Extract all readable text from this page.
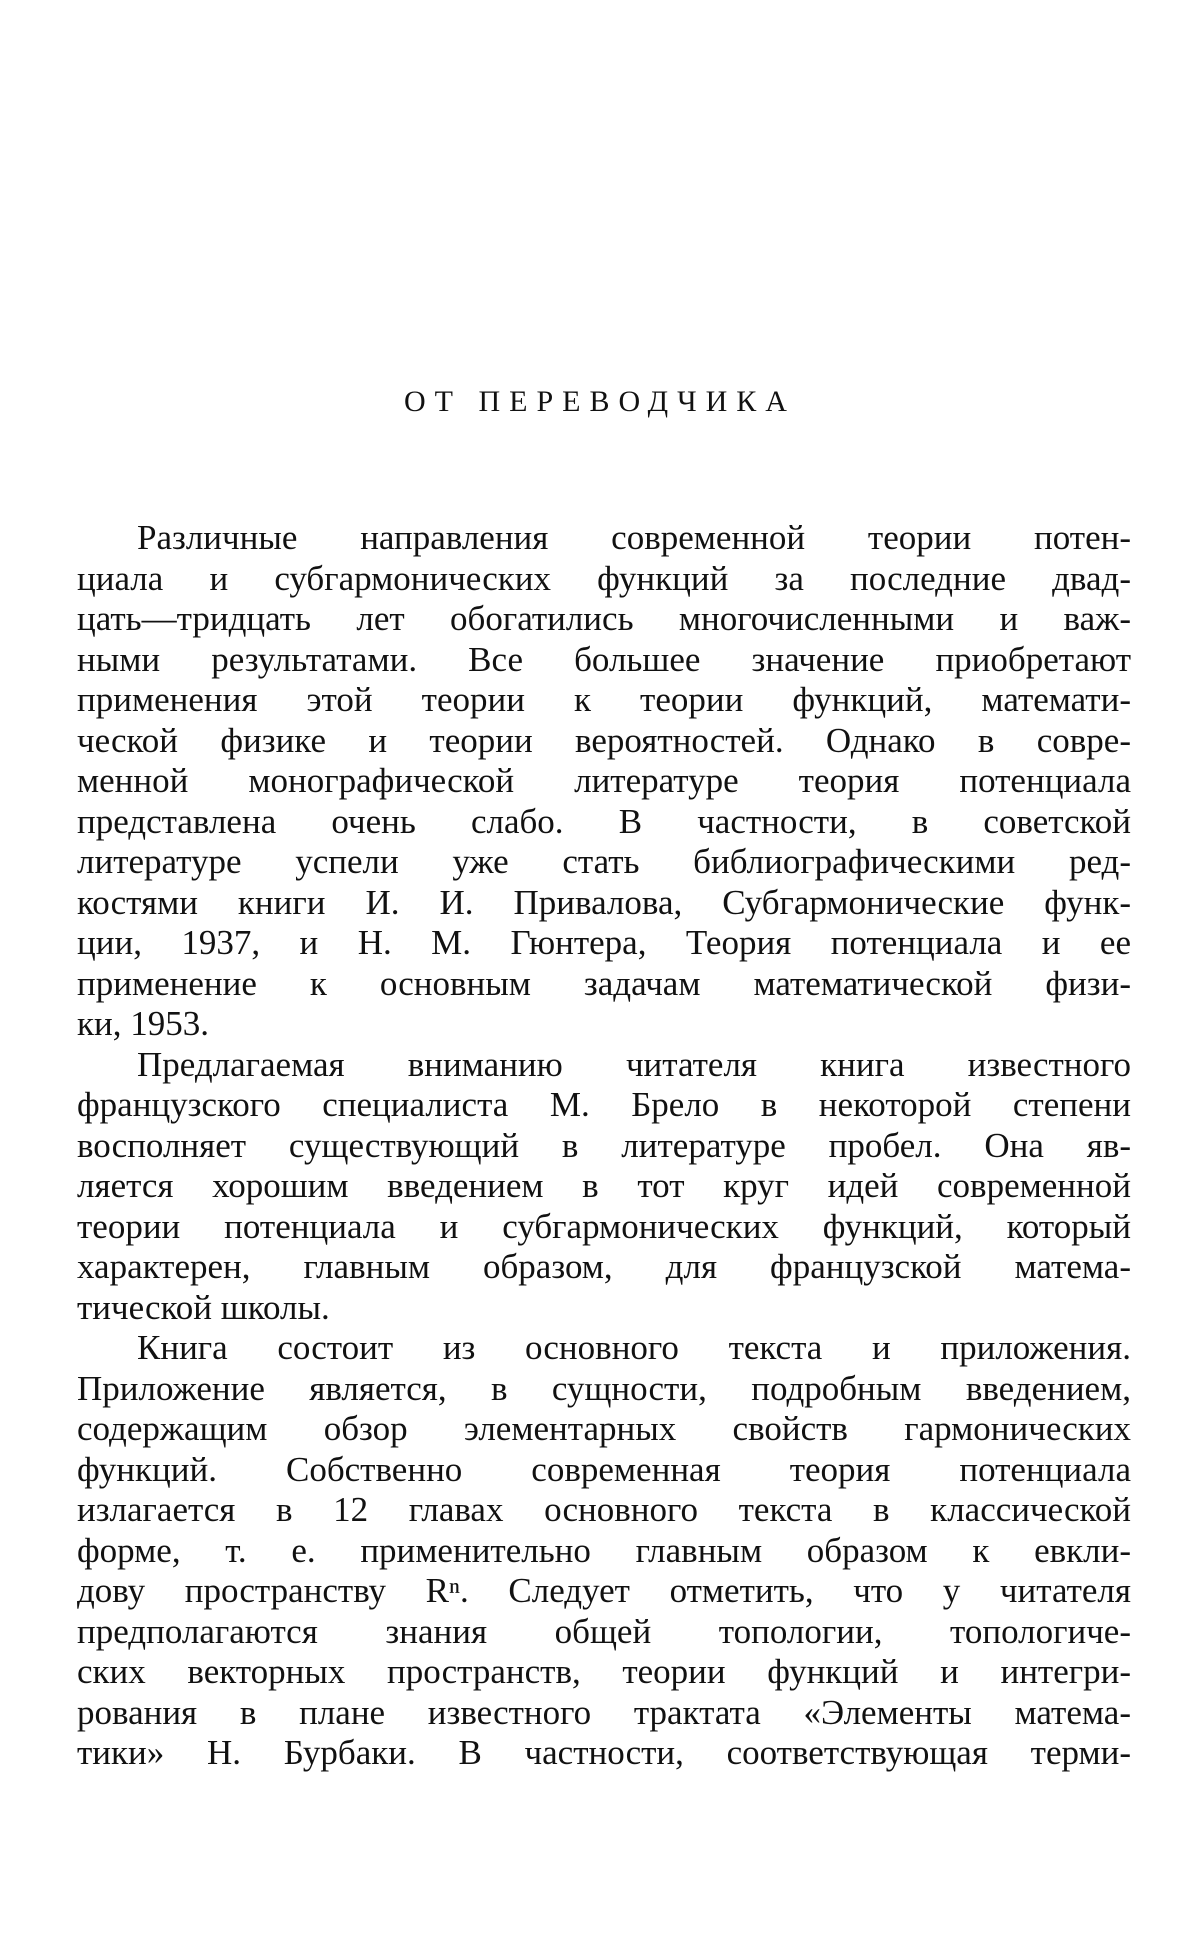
ОТ ПЕРЕВОДЧИКА
Различные направления современной теории потен-
циала и субгармонических функций за последние двад-
цать—тридцать лет обогатились многочисленными и важ-
ными результатами. Все большее значение приобретают
применения этой теории к теории функций, математи-
ческой физике и теории вероятностей. Однако в совре-
менной монографической литературе теория потенциала
представлена очень слабо. В частности, в советской
литературе успели уже стать библиографическими ред-
костями книги И. И. Привалова, Субгармонические функ-
ции, 1937, и Н. М. Гюнтера, Теория потенциала и ее
применение к основным задачам математической физи-
ки, 1953.
Предлагаемая вниманию читателя книга известного
французского специалиста М. Брело в некоторой степени
восполняет существующий в литературе пробел. Она яв-
ляется хорошим введением в тот круг идей современной
теории потенциала и субгармонических функций, который
характерен, главным образом, для французской матема-
тической школы.
Книга состоит из основного текста и приложения.
Приложение является, в сущности, подробным введением,
содержащим обзор элементарных свойств гармонических
функций. Собственно современная теория потенциала
излагается в 12 главах основного текста в классической
форме, т. е. применительно главным образом к евкли-
дову пространству Rⁿ. Следует отметить, что у читателя
предполагаются знания общей топологии, топологиче-
ских векторных пространств, теории функций и интегри-
рования в плане известного трактата «Элементы матема-
тики» Н. Бурбаки. В частности, соответствующая терми-
